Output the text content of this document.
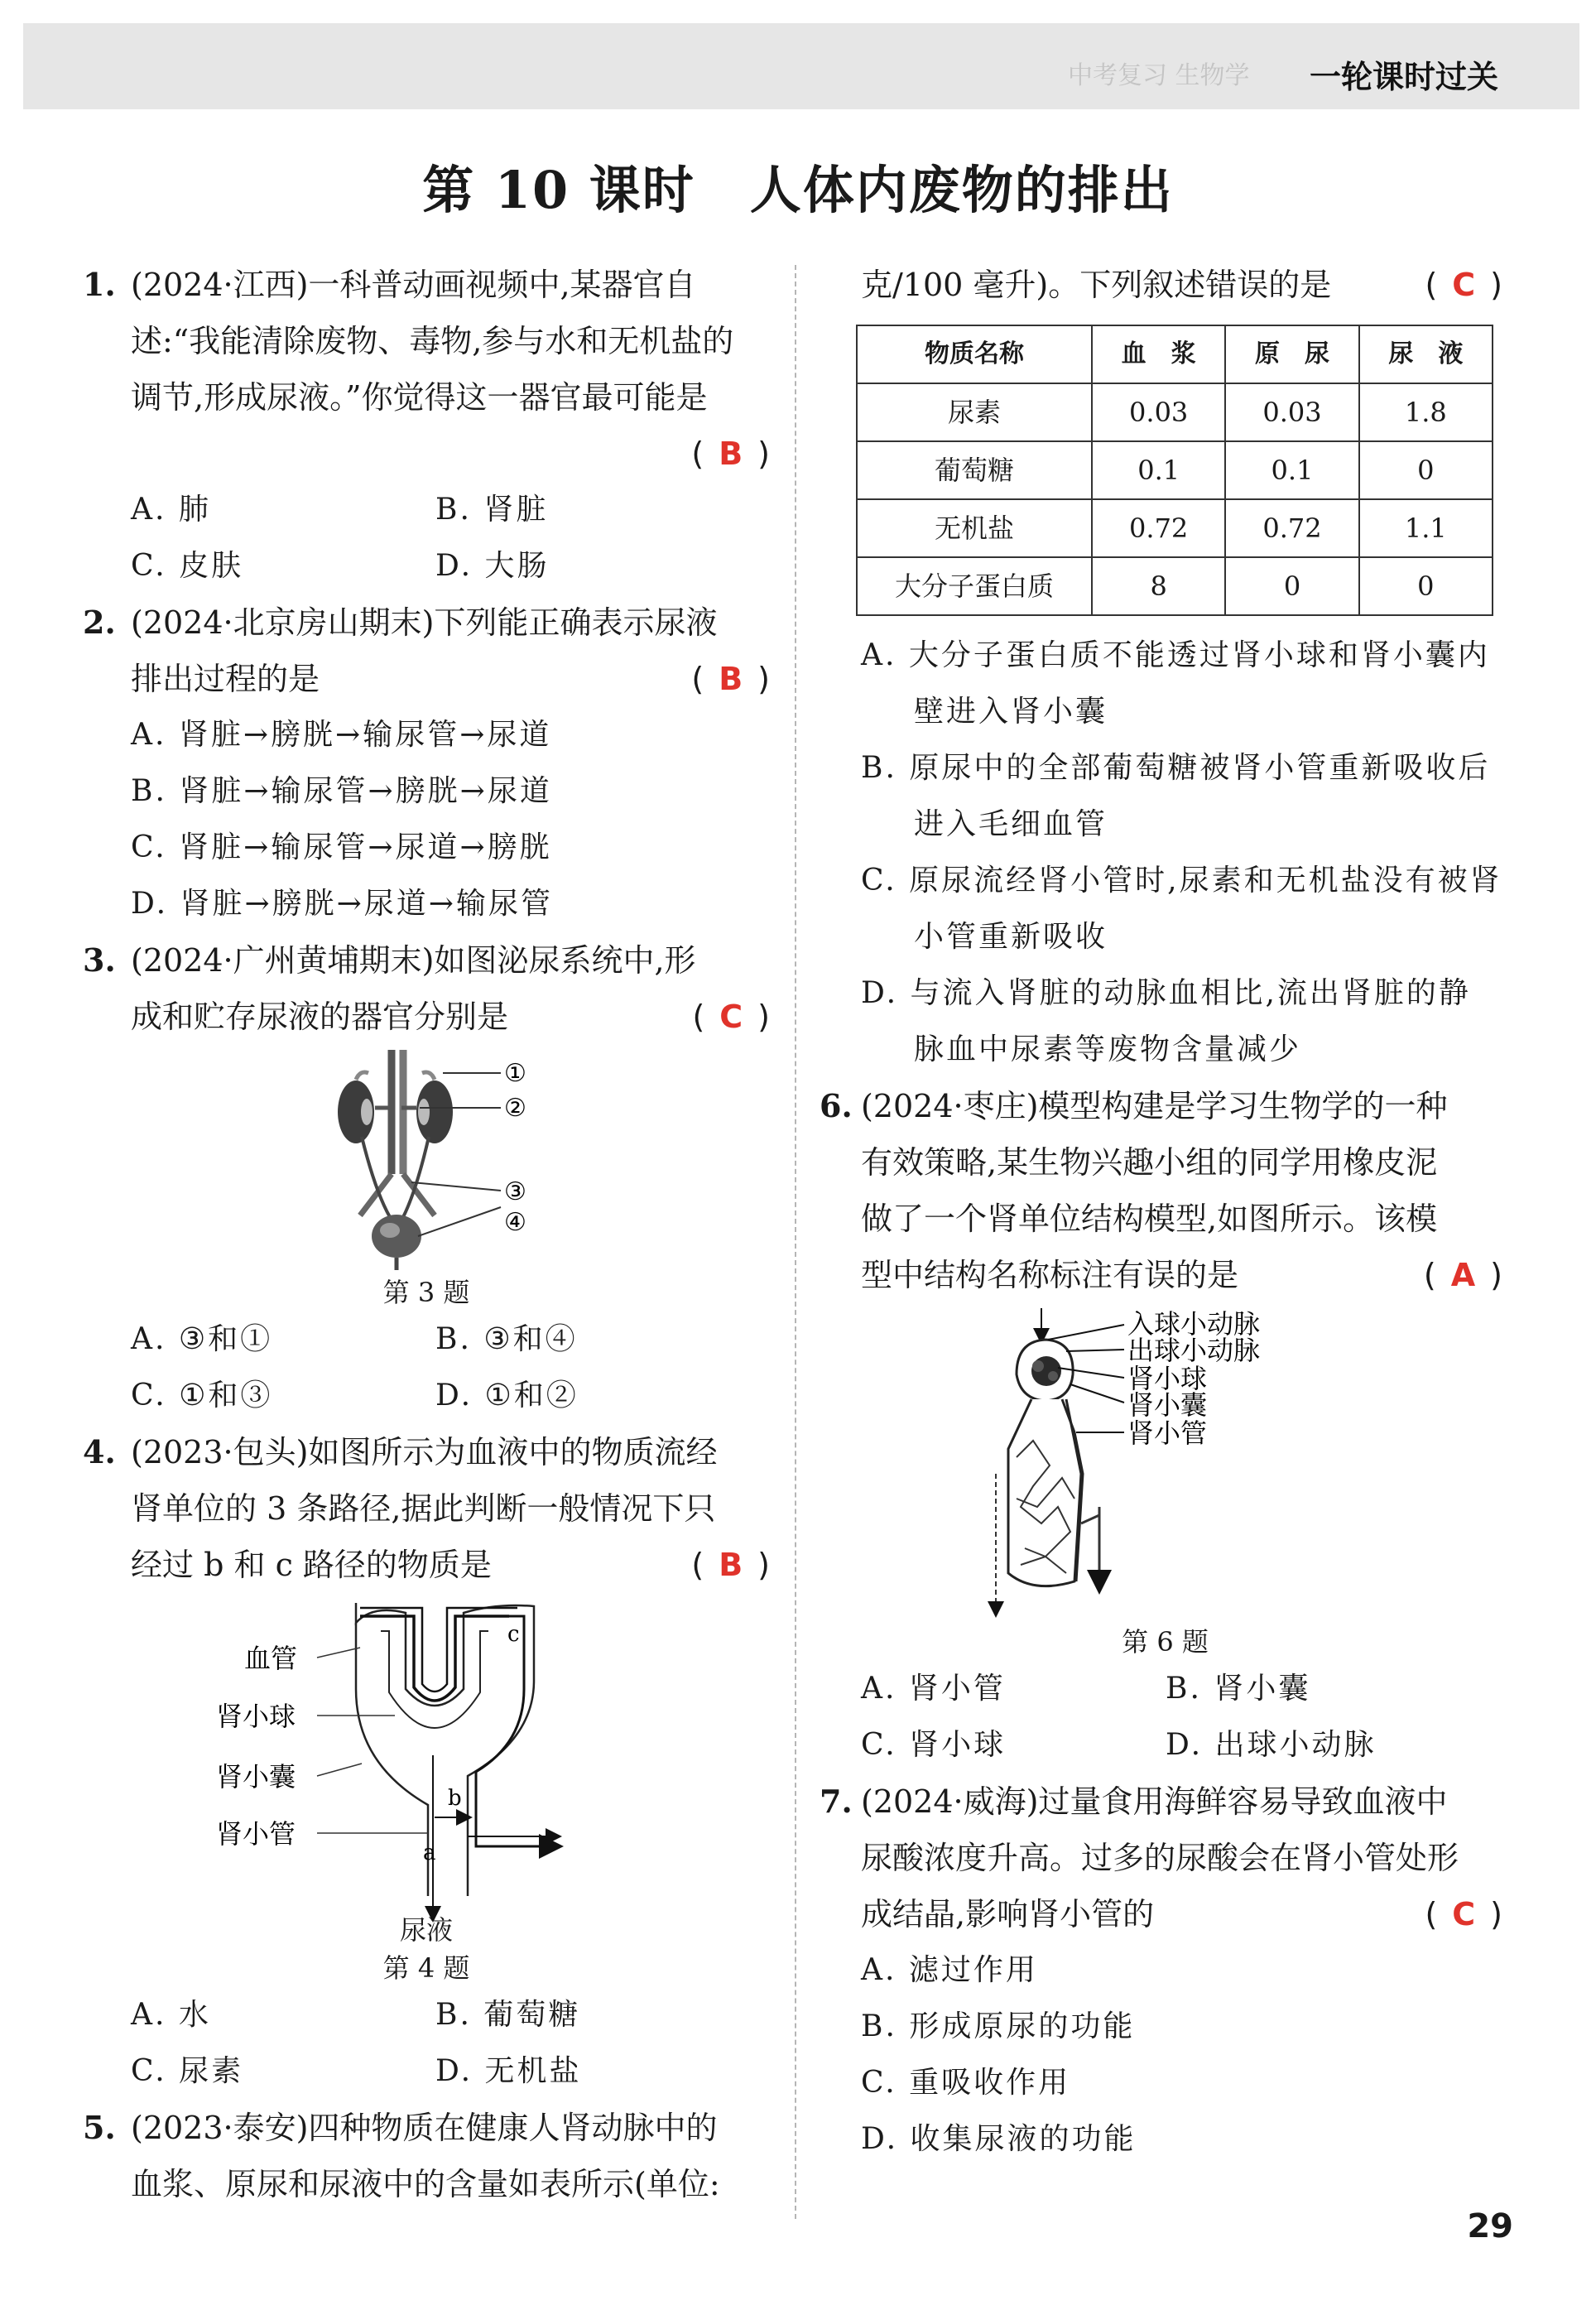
中考复习 生物学 一轮课时过关
第 10 课时 人体内废物的排出
1. (2024·江西)一科普动画视频中,某器官自
述:“我能清除废物、毒物,参与水和无机盐的
调节,形成尿液。”你觉得这一器官最可能是
( B )
A. 肺	B. 肾脏
C. 皮肤	D. 大肠
2. (2024·北京房山期末)下列能正确表示尿液
排出过程的是	( B )
A. 肾脏→膀胱→输尿管→尿道
B. 肾脏→输尿管→膀胱→尿道
C. 肾脏→输尿管→尿道→膀胱
D. 肾脏→膀胱→尿道→输尿管
3. (2024·广州黄埔期末)如图泌尿系统中,形
成和贮存尿液的器官分别是	( C )
①
②
③
④
第 3 题
A. ③和①	B. ③和④
C. ①和③	D. ①和②
4. (2023·包头)如图所示为血液中的物质流经
肾单位的 3 条路径,据此判断一般情况下只
经过 b 和 c 路径的物质是	( B )
血管
肾小球
肾小囊
肾小管
a
b
c
尿液
第 4 题
A. 水	B. 葡萄糖
C. 尿素	D. 无机盐
5. (2023·泰安)四种物质在健康人肾动脉中的
血浆、原尿和尿液中的含量如表所示(单位:
克/100 毫升)。下列叙述错误的是	( C )
物质名称	血　浆	原　尿	尿　液
尿素	0.03	0.03	1.8
葡萄糖	0.1	0.1	0
无机盐	0.72	0.72	1.1
大分子蛋白质	8	0	0
A. 大分子蛋白质不能透过肾小球和肾小囊内壁进入肾小囊
B. 原尿中的全部葡萄糖被肾小管重新吸收后进入毛细血管
C. 原尿流经肾小管时,尿素和无机盐没有被肾小管重新吸收
D. 与流入肾脏的动脉血相比,流出肾脏的静脉血中尿素等废物含量减少
6. (2024·枣庄)模型构建是学习生物学的一种
有效策略,某生物兴趣小组的同学用橡皮泥
做了一个肾单位结构模型,如图所示。该模
型中结构名称标注有误的是	( A )
入球小动脉
出球小动脉
肾小球
肾小囊
肾小管
第 6 题
A. 肾小管	B. 肾小囊
C. 肾小球	D. 出球小动脉
7. (2024·威海)过量食用海鲜容易导致血液中
尿酸浓度升高。过多的尿酸会在肾小管处形
成结晶,影响肾小管的	( C )
A. 滤过作用
B. 形成原尿的功能
C. 重吸收作用
D. 收集尿液的功能
29
